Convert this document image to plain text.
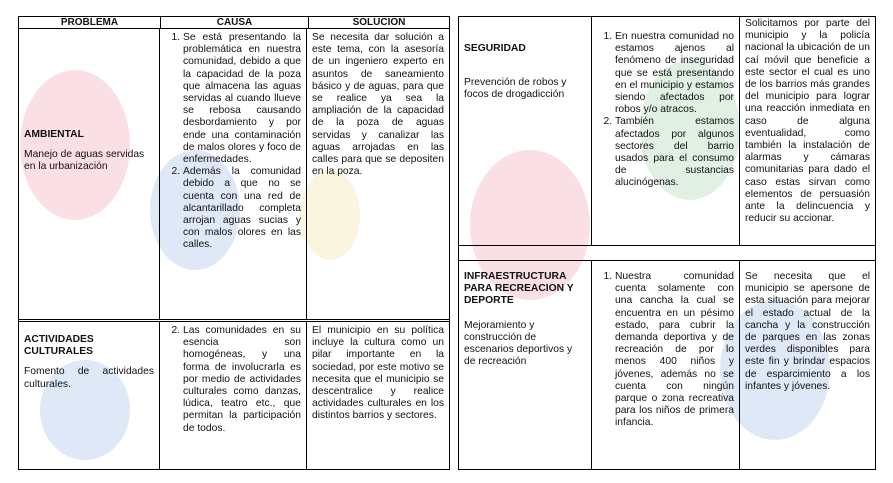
PROBLEMA	CAUSA	SOLUCION
AMBIENTAL
Manejo de aguas servidas en la urbanización
1. Se está presentando la problemática en nuestra comunidad, debido a que la capacidad de la poza que almacena las aguas servidas al cuando llueve se rebosa causando desbordamiento y por ende una contaminación de malos olores y foco de enfermedades.
2. Además la comunidad debido a que no se cuenta con una red de alcantarillado completa arrojan aguas sucias y con malos olores en las calles.
Se necesita dar solución a este tema, con la asesoría de un ingeniero experto en asuntos de saneamiento básico y de aguas, para que se realice ya sea la ampliación de la capacidad de la poza de aguas servidas y canalizar las aguas arrojadas en las calles para que se depositen en la poza.
ACTIVIDADES CULTURALES
Fomento de actividades culturales.
2. Las comunidades en su esencia son homogéneas, y una forma de involucrarla es por medio de actividades culturales como danzas, lúdica, teatro etc., que permitan la participación de todos.
El municipio en su política incluye la cultura como un pilar importante en la sociedad, por este motivo se necesita que el municipio se descentralice y realice actividades culturales en los distintos barrios y sectores.
SEGURIDAD
Prevención de robos y focos de drogadicción
1. En nuestra comunidad no estamos ajenos al fenómeno de inseguridad que se está presentando en el municipio y estamos siendo afectados por robos y/o atracos.
2. También estamos afectados por algunos sectores del barrio usados para el consumo de sustancias alucinógenas.
Solicitamos por parte del municipio y la policía nacional la ubicación de un caí móvil que beneficie a este sector el cual es uno de los barrios más grandes del municipio para lograr una reacción inmediata en caso de alguna eventualidad, como también la instalación de alarmas y cámaras comunitarias para dado el caso estas sirvan como elementos de persuasión ante la delincuencia y reducir su accionar.
INFRAESTRUCTURA PARA RECREACION Y DEPORTE
Mejoramiento y construcción de escenarios deportivos y de recreación
1. Nuestra comunidad cuenta solamente con una cancha la cual se encuentra en un pésimo estado, para cubrir la demanda deportiva y de recreación de por lo menos 400 niños y jóvenes, además no se cuenta con ningún parque o zona recreativa para los niños de primera infancia.
Se necesita que el municipio se apersone de esta situación para mejorar el estado actual de la cancha y la construcción de parques en las zonas verdes disponibles para este fin y brindar espacios de esparcimiento a los infantes y jóvenes.
